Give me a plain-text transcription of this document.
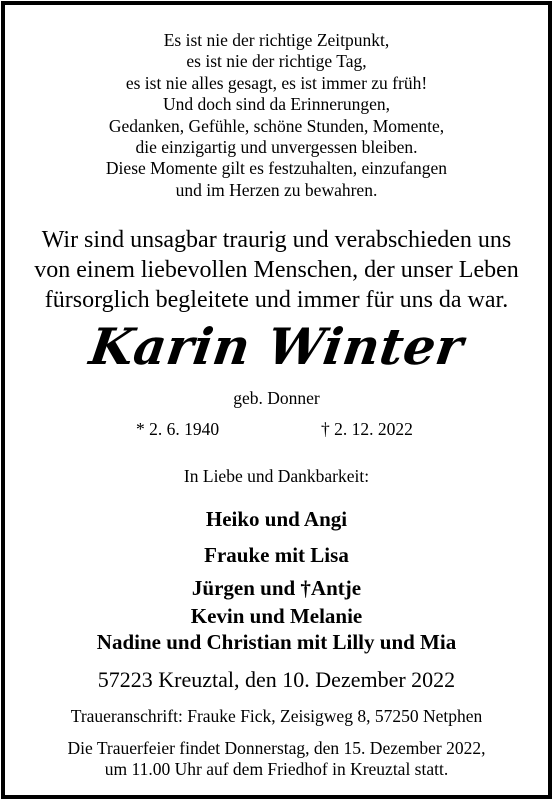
Es ist nie der richtige Zeitpunkt,
es ist nie der richtige Tag,
es ist nie alles gesagt, es ist immer zu früh!
Und doch sind da Erinnerungen,
Gedanken, Gefühle, schöne Stunden, Momente,
die einzigartig und unvergessen bleiben.
Diese Momente gilt es festzuhalten, einzufangen
und im Herzen zu bewahren.
Wir sind unsagbar traurig und verabschieden uns
von einem liebevollen Menschen, der unser Leben
fürsorglich begleitete und immer für uns da war.
Karin Winter
geb. Donner
* 2. 6. 1940	† 2. 12. 2022
In Liebe und Dankbarkeit:
Heiko und Angi
Frauke mit Lisa
Jürgen und †Antje
Kevin und Melanie
Nadine und Christian mit Lilly und Mia
57223 Kreuztal, den 10. Dezember 2022
Traueranschrift: Frauke Fick, Zeisigweg 8, 57250 Netphen
Die Trauerfeier findet Donnerstag, den 15. Dezember 2022,
um 11.00 Uhr auf dem Friedhof in Kreuztal statt.
